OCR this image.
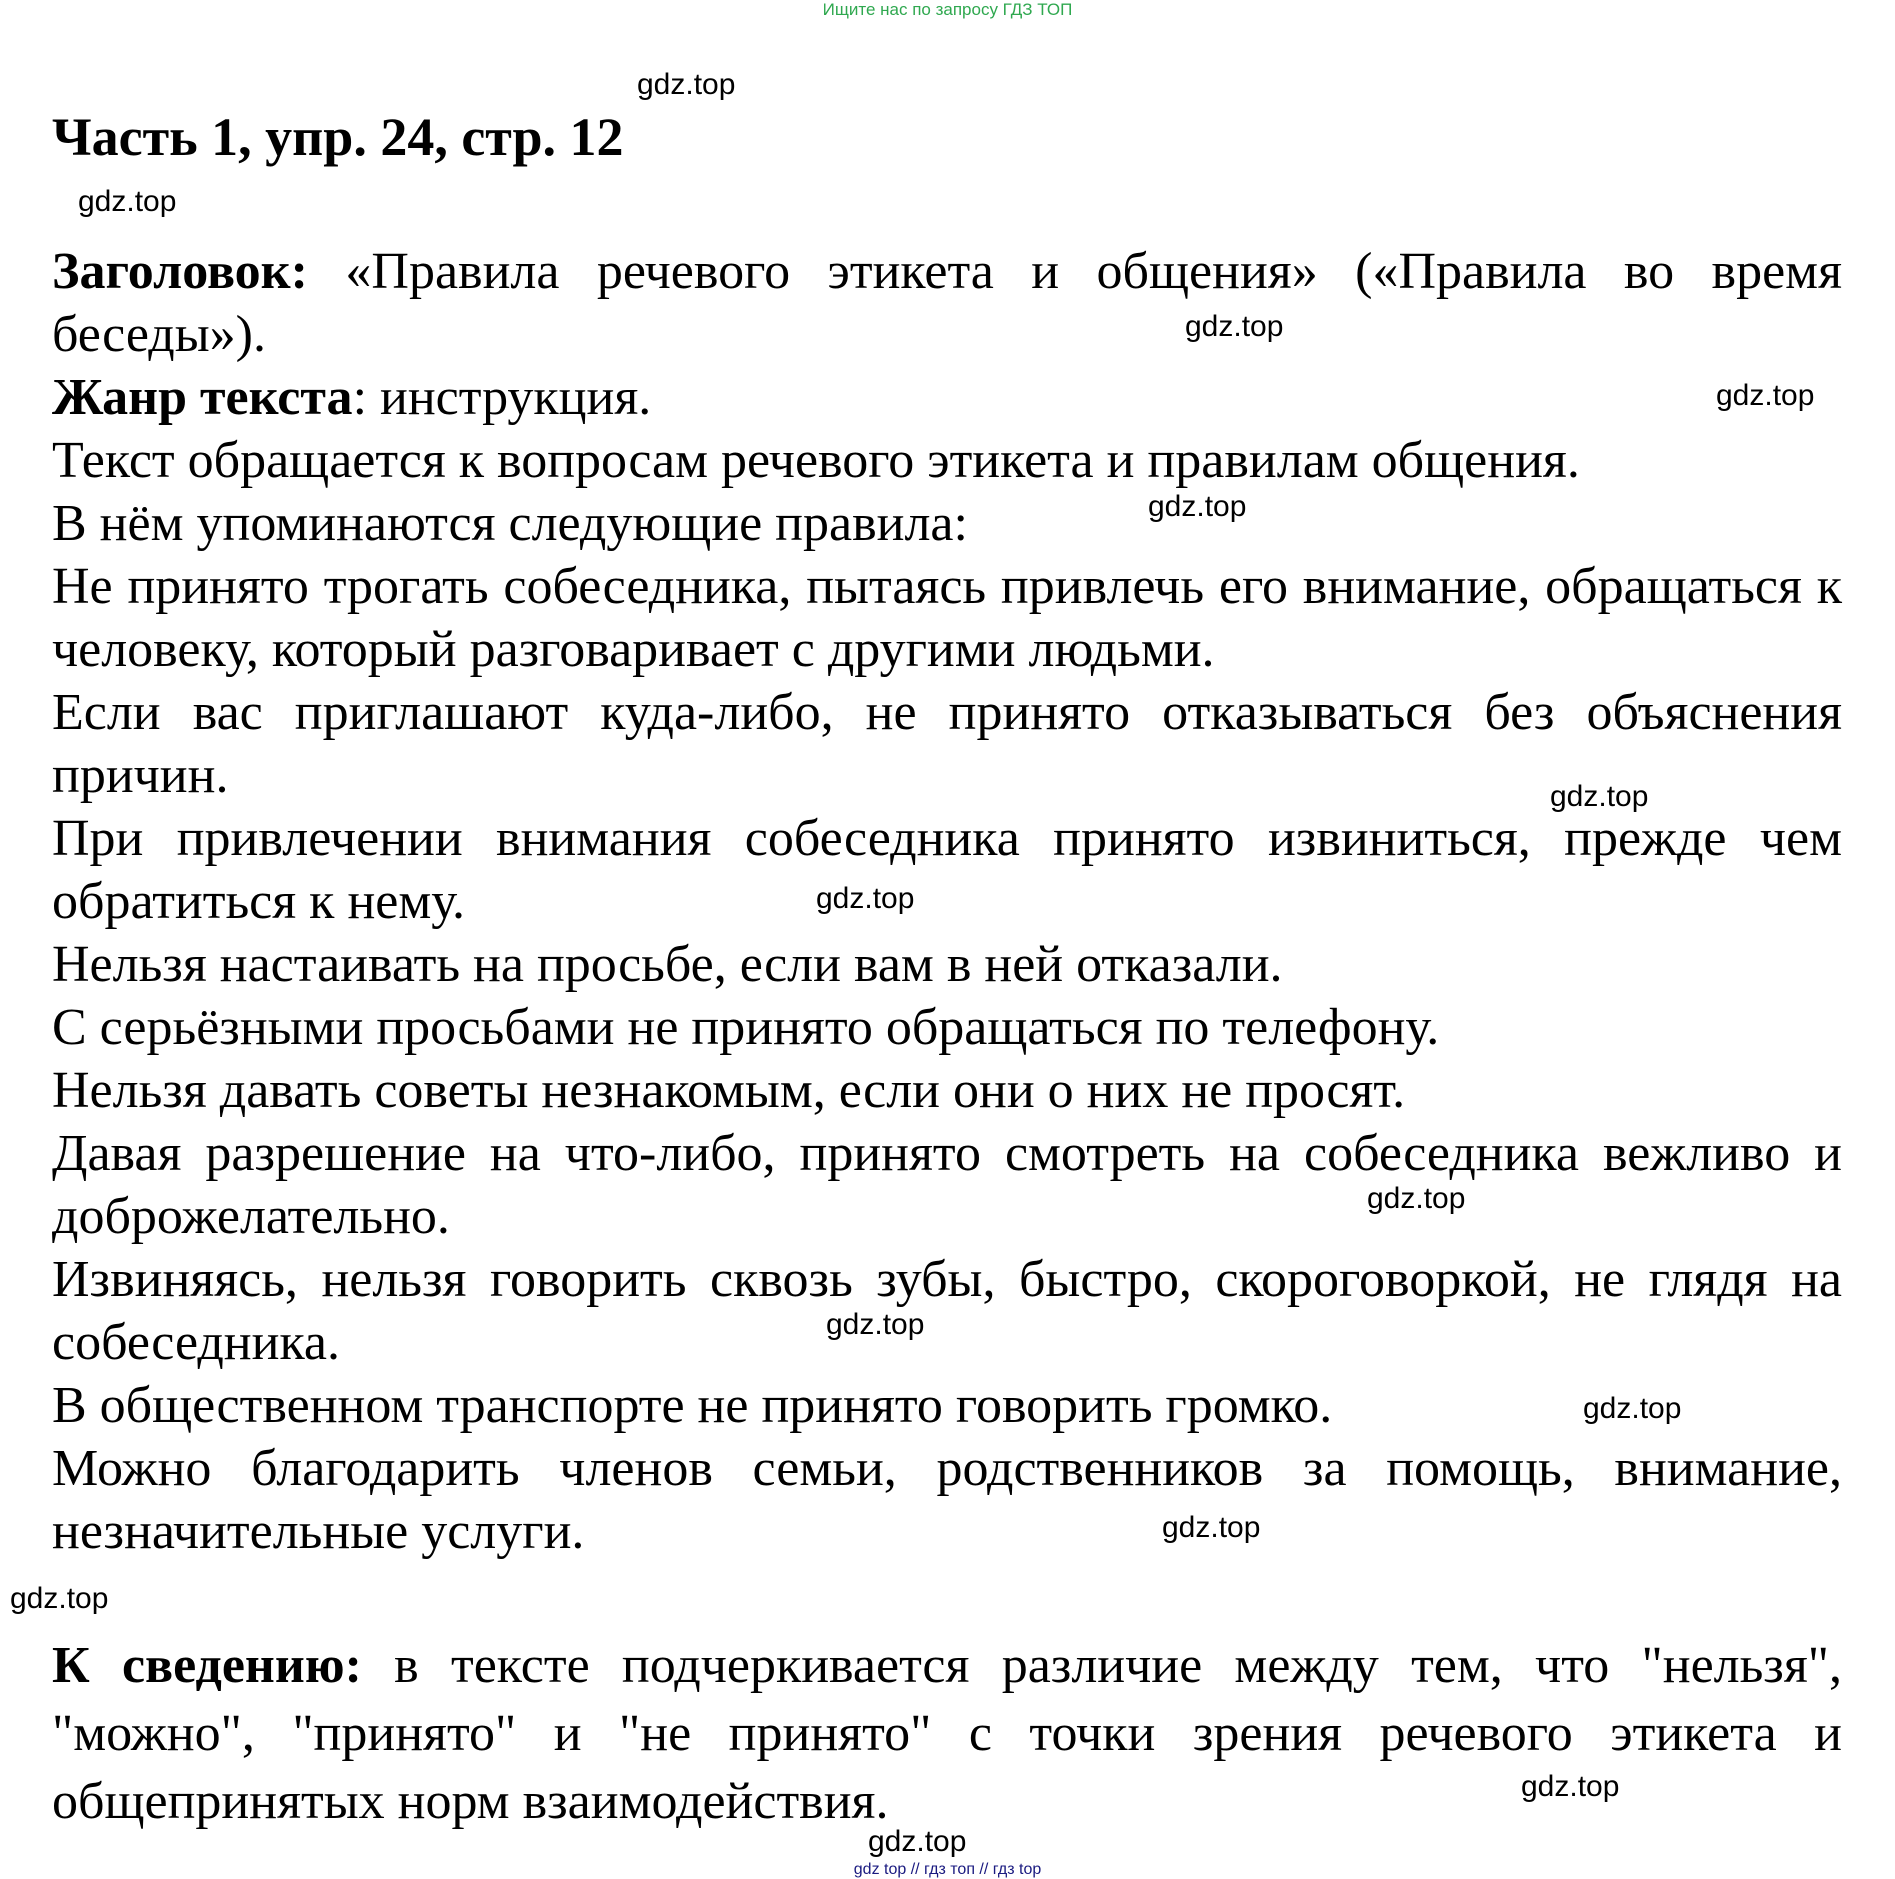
Ищите нас по запросу ГДЗ ТОП

gdz.top
Часть 1, упр. 24, стр. 12
gdz.top

Заголовок: «Правила речевого этикета и общения» («Правила во время беседы»).

Жанр текста: инструкция.

Текст обращается к вопросам речевого этикета и правилам общения.

В нём упоминаются следующие правила:

Не принято трогать собеседника, пытаясь привлечь его внимание, обращаться к человеку, который разговаривает с другими людьми.

Если вас приглашают куда-либо, не принято отказываться без объяснения причин.

При привлечении внимания собеседника принято извиниться, прежде чем обратиться к нему.

Нельзя настаивать на просьбе, если вам в ней отказали.

С серьёзными просьбами не принято обращаться по телефону.

Нельзя давать советы незнакомым, если они о них не просят.

Давая разрешение на что-либо, принято смотреть на собеседника вежливо и доброжелательно.

Извиняясь, нельзя говорить сквозь зубы, быстро, скороговоркой, не глядя на собеседника.

В общественном транспорте не принято говорить громко.

Можно благодарить членов семьи, родственников за помощь, внимание, незначительные услуги.

gdz.top
gdz.top
gdz.top
gdz.top
gdz.top
gdz.top
gdz.top
gdz.top
gdz.top
gdz.top

К сведению: в тексте подчеркивается различие между тем, что "нельзя", "можно", "принято" и "не принято" с точки зрения речевого этикета и общепринятых норм взаимодействия.	gdz.top
gdz.top

gdz top // гдз топ // гдз top
